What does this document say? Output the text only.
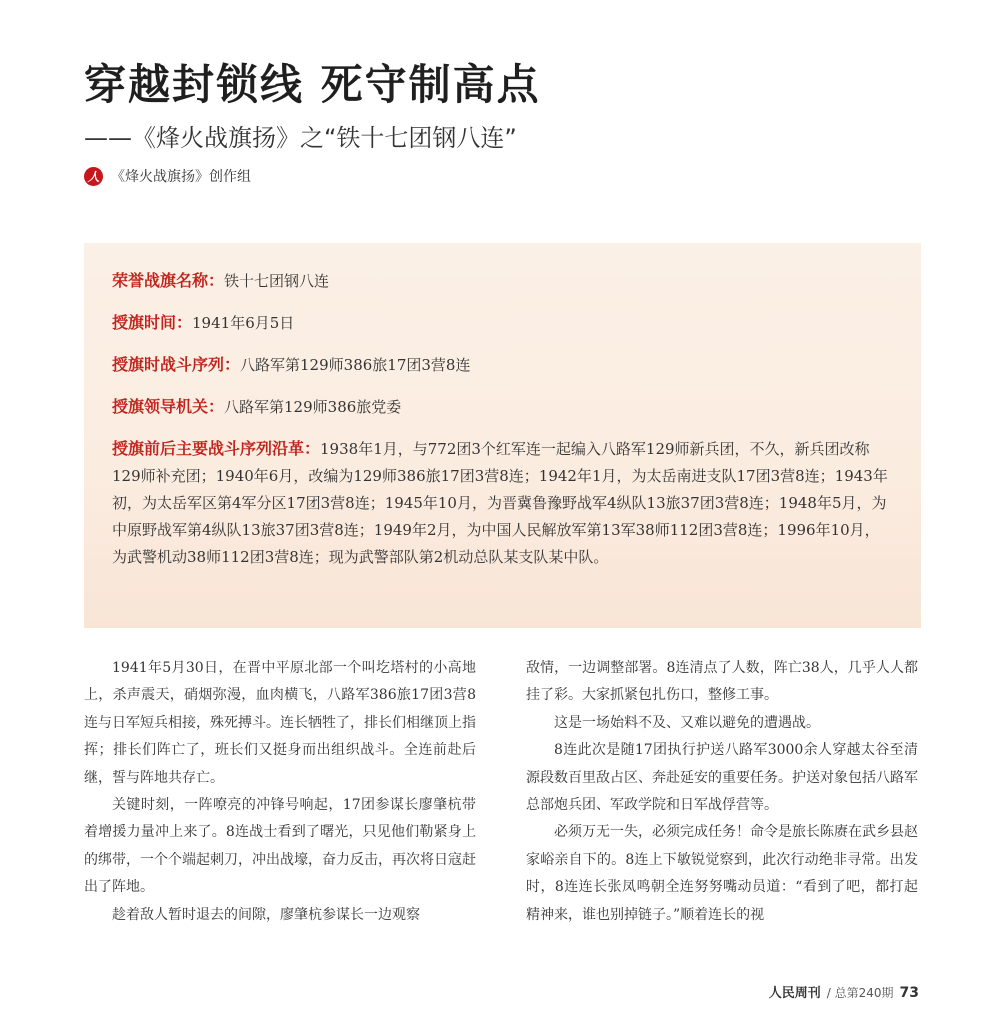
穿越封锁线 死守制高点
——《烽火战旗扬》之“铁十七团钢八连”
人 《烽火战旗扬》创作组
荣誉战旗名称：铁十七团钢八连
授旗时间：1941年6月5日
授旗时战斗序列：八路军第129师386旅17团3营8连
授旗领导机关：八路军第129师386旅党委
授旗前后主要战斗序列沿革：1938年1月，与772团3个红军连一起编入八路军129师新兵团，不久，新兵团改称129师补充团；1940年6月，改编为129师386旅17团3营8连；1942年1月，为太岳南进支队17团3营8连；1943年初，为太岳军区第4军分区17团3营8连；1945年10月，为晋冀鲁豫野战军4纵队13旅37团3营8连；1948年5月，为中原野战军第4纵队13旅37团3营8连；1949年2月，为中国人民解放军第13军38师112团3营8连；1996年10月，为武警机动38师112团3营8连；现为武警部队第2机动总队某支队某中队。

1941年5月30日，在晋中平原北部一个叫圪塔村的小高地上，杀声震天，硝烟弥漫，血肉横飞，八路军386旅17团3营8连与日军短兵相接，殊死搏斗。连长牺牲了，排长们相继顶上指挥；排长们阵亡了，班长们又挺身而出组织战斗。全连前赴后继，誓与阵地共存亡。

关键时刻，一阵嘹亮的冲锋号响起，17团参谋长廖肇杭带着增援力量冲上来了。8连战士看到了曙光，只见他们勒紧身上的绑带，一个个端起刺刀，冲出战壕，奋力反击，再次将日寇赶出了阵地。

趁着敌人暂时退去的间隙，廖肇杭参谋长一边观察

敌情，一边调整部署。8连清点了人数，阵亡38人，几乎人人都挂了彩。大家抓紧包扎伤口，整修工事。

这是一场始料不及、又难以避免的遭遇战。

8连此次是随17团执行护送八路军3000余人穿越太谷至清源段数百里敌占区、奔赴延安的重要任务。护送对象包括八路军总部炮兵团、军政学院和日军战俘营等。

必须万无一失，必须完成任务！命令是旅长陈赓在武乡县赵家峪亲自下的。8连上下敏锐觉察到，此次行动绝非寻常。出发时，8连连长张凤鸣朝全连努努嘴动员道：“看到了吧，都打起精神来，谁也别掉链子。”顺着连长的视

人民周刊 / 总第240期 73
